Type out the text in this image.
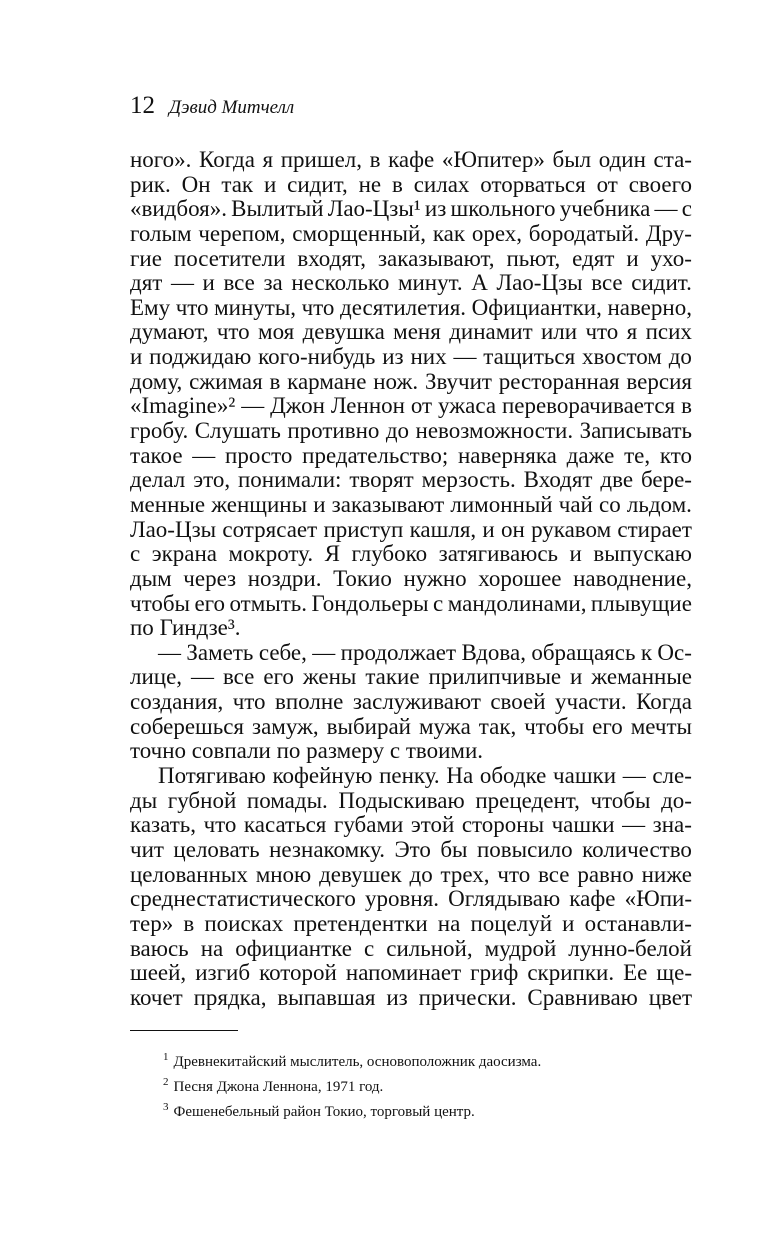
12 Дэвид Митчелл
ного». Когда я пришел, в кафе «Юпитер» был один ста-
рик. Он так и сидит, не в силах оторваться от своего
«видбоя». Вылитый Лао-Цзы¹ из школьного учебника — с
голым черепом, сморщенный, как орех, бородатый. Дру-
гие посетители входят, заказывают, пьют, едят и ухо-
дят — и все за несколько минут. А Лао-Цзы все сидит.
Ему что минуты, что десятилетия. Официантки, наверно,
думают, что моя девушка меня динамит или что я псих
и поджидаю кого-нибудь из них — тащиться хвостом до
дому, сжимая в кармане нож. Звучит ресторанная версия
«Imagine»² — Джон Леннон от ужаса переворачивается в
гробу. Слушать противно до невозможности. Записывать
такое — просто предательство; наверняка даже те, кто
делал это, понимали: творят мерзость. Входят две бере-
менные женщины и заказывают лимонный чай со льдом.
Лао-Цзы сотрясает приступ кашля, и он рукавом стирает
с экрана мокроту. Я глубоко затягиваюсь и выпускаю
дым через ноздри. Токио нужно хорошее наводнение,
чтобы его отмыть. Гондольеры с мандолинами, плывущие
по Гиндзе³.
— Заметь себе, — продолжает Вдова, обращаясь к Ос-
лице, — все его жены такие прилипчивые и жеманные
создания, что вполне заслуживают своей участи. Когда
соберешься замуж, выбирай мужа так, чтобы его мечты
точно совпали по размеру с твоими.
Потягиваю кофейную пенку. На ободке чашки — сле-
ды губной помады. Подыскиваю прецедент, чтобы до-
казать, что касаться губами этой стороны чашки — зна-
чит целовать незнакомку. Это бы повысило количество
целованных мною девушек до трех, что все равно ниже
среднестатистического уровня. Оглядываю кафе «Юпи-
тер» в поисках претендентки на поцелуй и останавли-
ваюсь на официантке с сильной, мудрой лунно-белой
шеей, изгиб которой напоминает гриф скрипки. Ее ще-
кочет прядка, выпавшая из прически. Сравниваю цвет
$^1$ Древнекитайский мыслитель, основоположник даосизма.
$^2$ Песня Джона Леннона, 1971 год.
$^3$ Фешенебельный район Токио, торговый центр.
